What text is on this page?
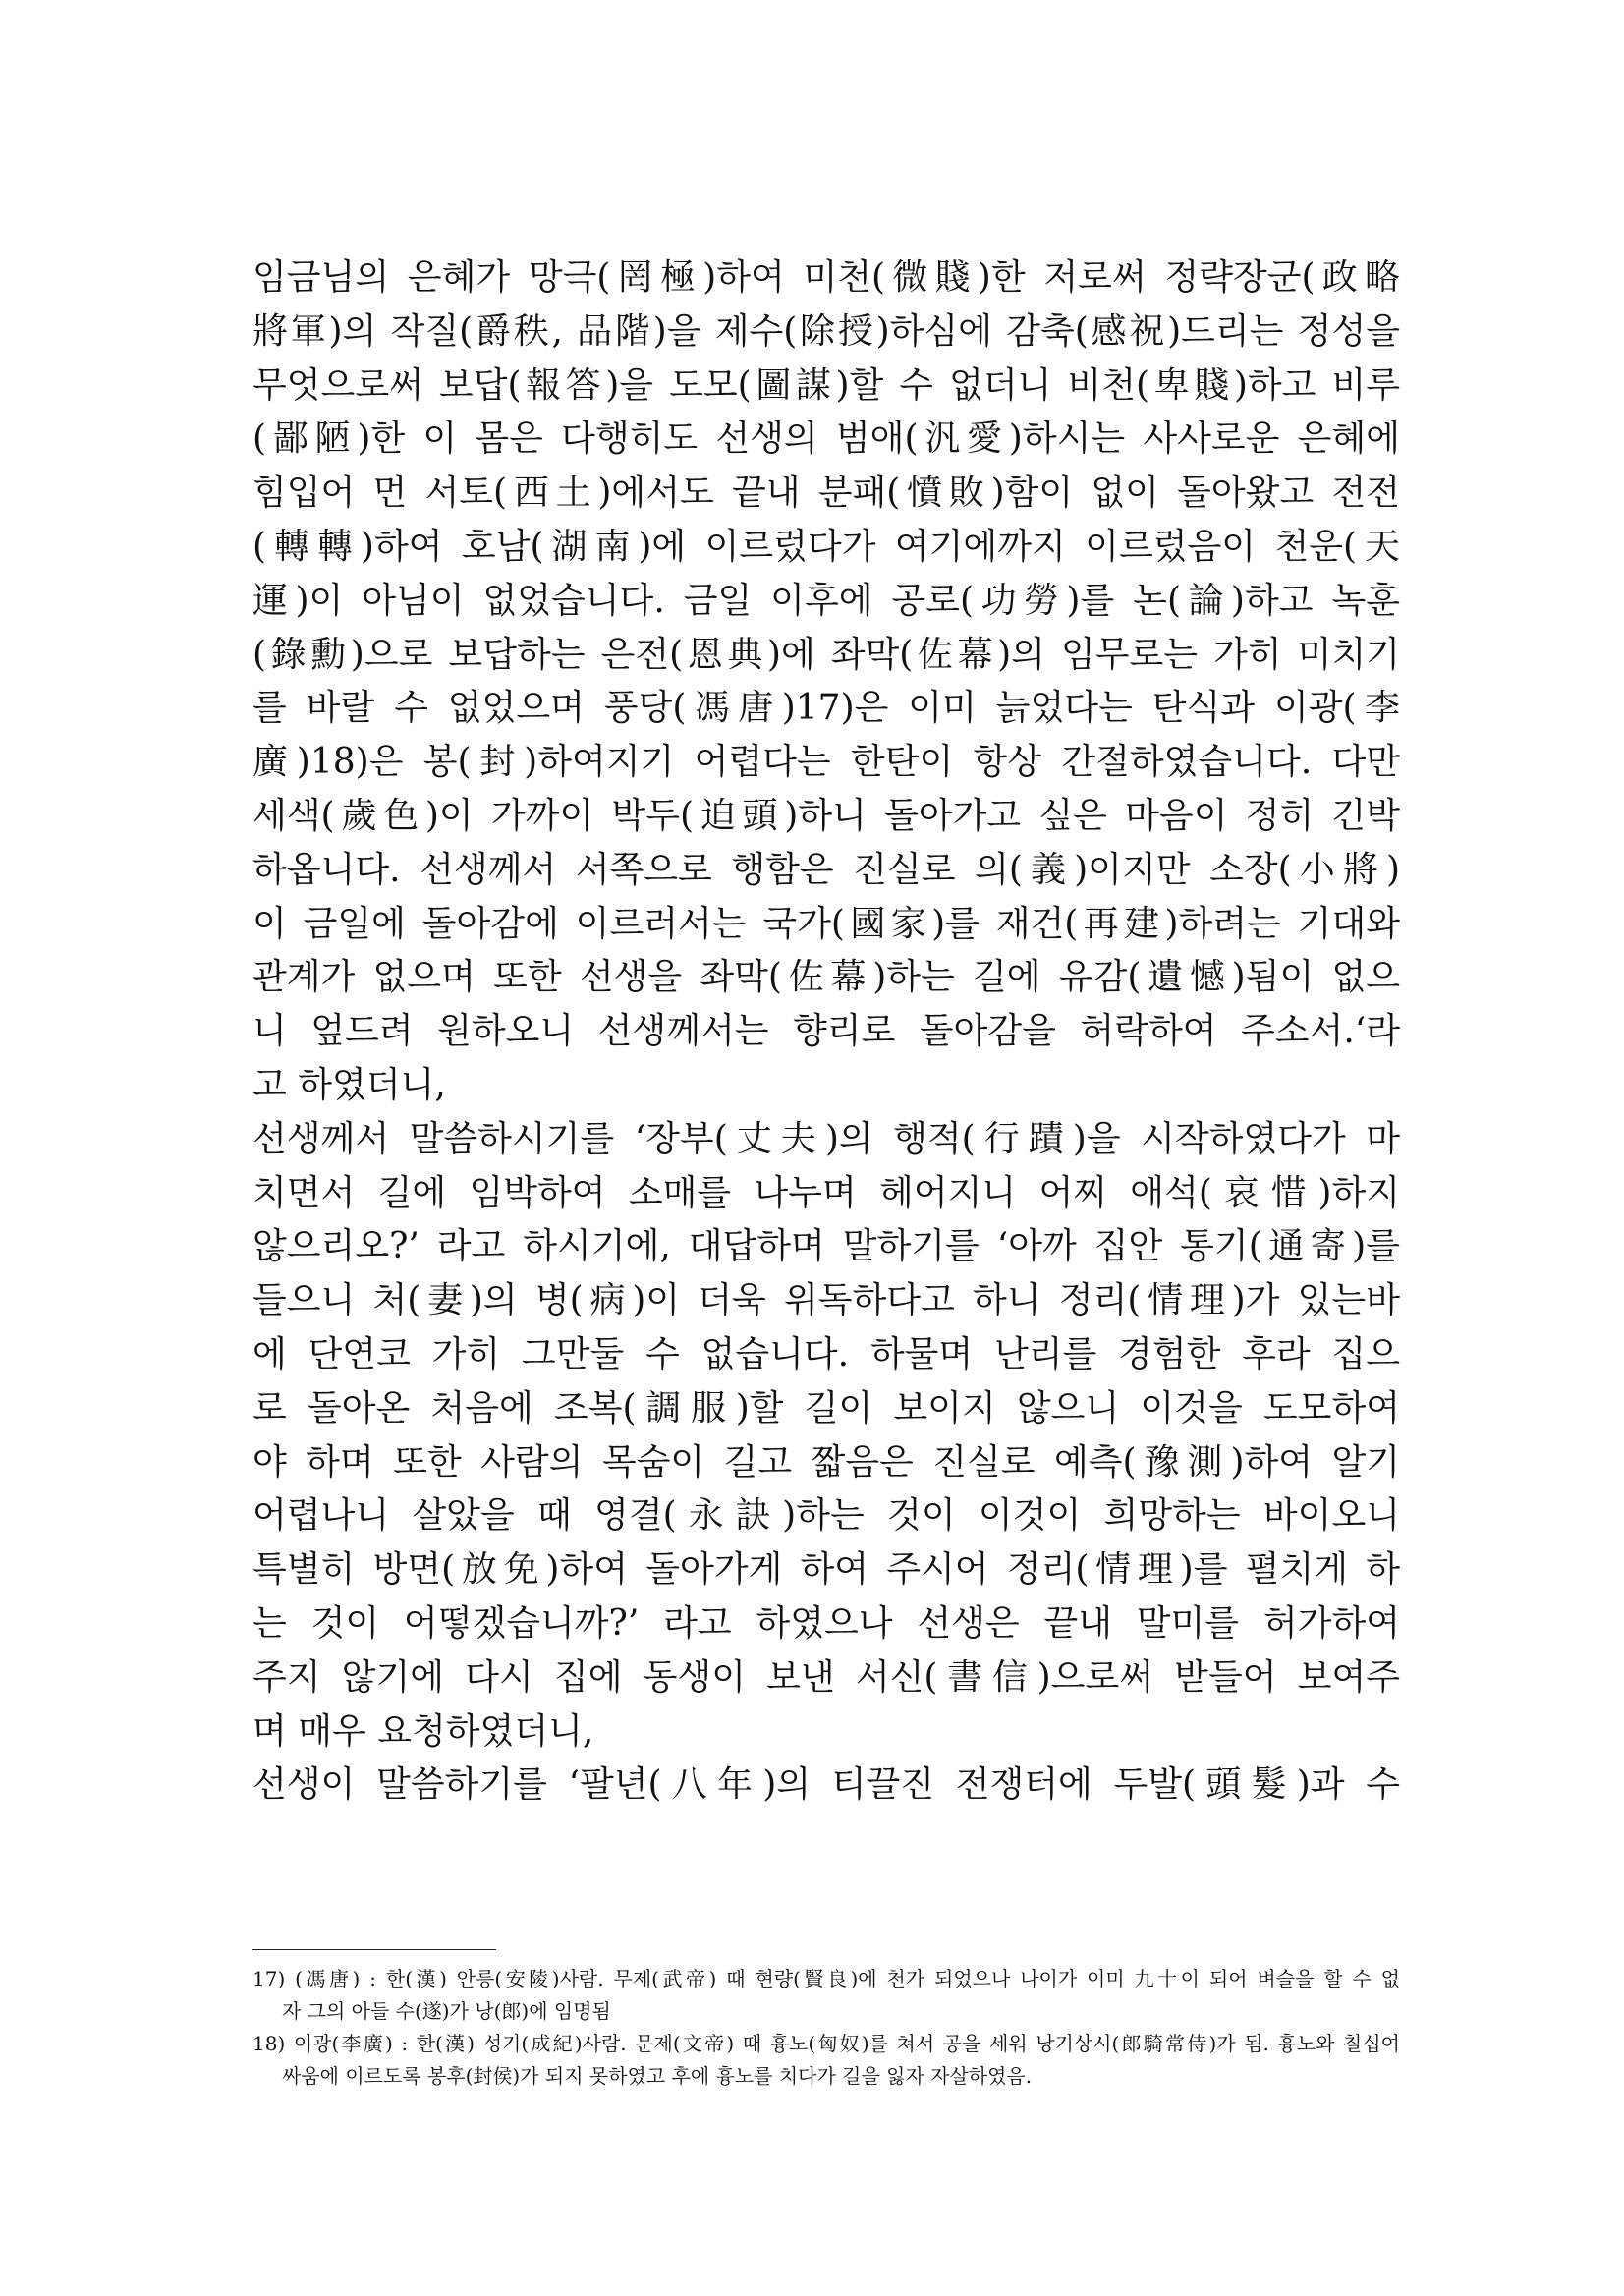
임금님의 은혜가 망극(罔極)하여 미천(微賤)한 저로써 정략장군(政略
將軍)의 작질(爵秩, 品階)을 제수(除授)하심에 감축(感祝)드리는 정성을
무엇으로써 보답(報答)을 도모(圖謀)할 수 없더니 비천(卑賤)하고 비루
(鄙陋)한 이 몸은 다행히도 선생의 범애(汎愛)하시는 사사로운 은혜에
힘입어 먼 서토(西土)에서도 끝내 분패(憤敗)함이 없이 돌아왔고 전전
(轉轉)하여 호남(湖南)에 이르렀다가 여기에까지 이르렀음이 천운(天
運)이 아님이 없었습니다. 금일 이후에 공로(功勞)를 논(論)하고 녹훈
(錄勳)으로 보답하는 은전(恩典)에 좌막(佐幕)의 임무로는 가히 미치기
를 바랄 수 없었으며 풍당(馮唐)17)은 이미 늙었다는 탄식과 이광(李
廣)18)은 봉(封)하여지기 어렵다는 한탄이 항상 간절하였습니다. 다만
세색(歲色)이 가까이 박두(迫頭)하니 돌아가고 싶은 마음이 정히 긴박
하옵니다. 선생께서 서쪽으로 행함은 진실로 의(義)이지만 소장(小將)
이 금일에 돌아감에 이르러서는 국가(國家)를 재건(再建)하려는 기대와
관계가 없으며 또한 선생을 좌막(佐幕)하는 길에 유감(遺憾)됨이 없으
니 엎드려 원하오니 선생께서는 향리로 돌아감을 허락하여 주소서.‘라
고 하였더니,
선생께서 말씀하시기를 ‘장부(丈夫)의 행적(行蹟)을 시작하였다가 마
치면서 길에 임박하여 소매를 나누며 헤어지니 어찌 애석(哀惜)하지
않으리오?’ 라고 하시기에, 대답하며 말하기를 ‘아까 집안 통기(通寄)를
들으니 처(妻)의 병(病)이 더욱 위독하다고 하니 정리(情理)가 있는바
에 단연코 가히 그만둘 수 없습니다. 하물며 난리를 경험한 후라 집으
로 돌아온 처음에 조복(調服)할 길이 보이지 않으니 이것을 도모하여
야 하며 또한 사람의 목숨이 길고 짧음은 진실로 예측(豫測)하여 알기
어렵나니 살았을 때 영결(永訣)하는 것이 이것이 희망하는 바이오니
특별히 방면(放免)하여 돌아가게 하여 주시어 정리(情理)를 펼치게 하
는 것이 어떻겠습니까?’ 라고 하였으나 선생은 끝내 말미를 허가하여
주지 않기에 다시 집에 동생이 보낸 서신(書信)으로써 받들어 보여주
며 매우 요청하였더니,
선생이 말씀하기를 ‘팔년(八年)의 티끌진 전쟁터에 두발(頭髮)과 수
17) (馮唐) : 한(漢) 안릉(安陵)사람. 무제(武帝) 때 현량(賢良)에 천가 되었으나 나이가 이미 九十이 되어 벼슬을 할 수 없
자 그의 아들 수(遂)가 낭(郎)에 임명됨
18) 이광(李廣) : 한(漢) 성기(成紀)사람. 문제(文帝) 때 흉노(匈奴)를 쳐서 공을 세워 낭기상시(郎騎常侍)가 됨. 흉노와 칠십여
싸움에 이르도록 봉후(封侯)가 되지 못하였고 후에 흉노를 치다가 길을 잃자 자살하였음.
